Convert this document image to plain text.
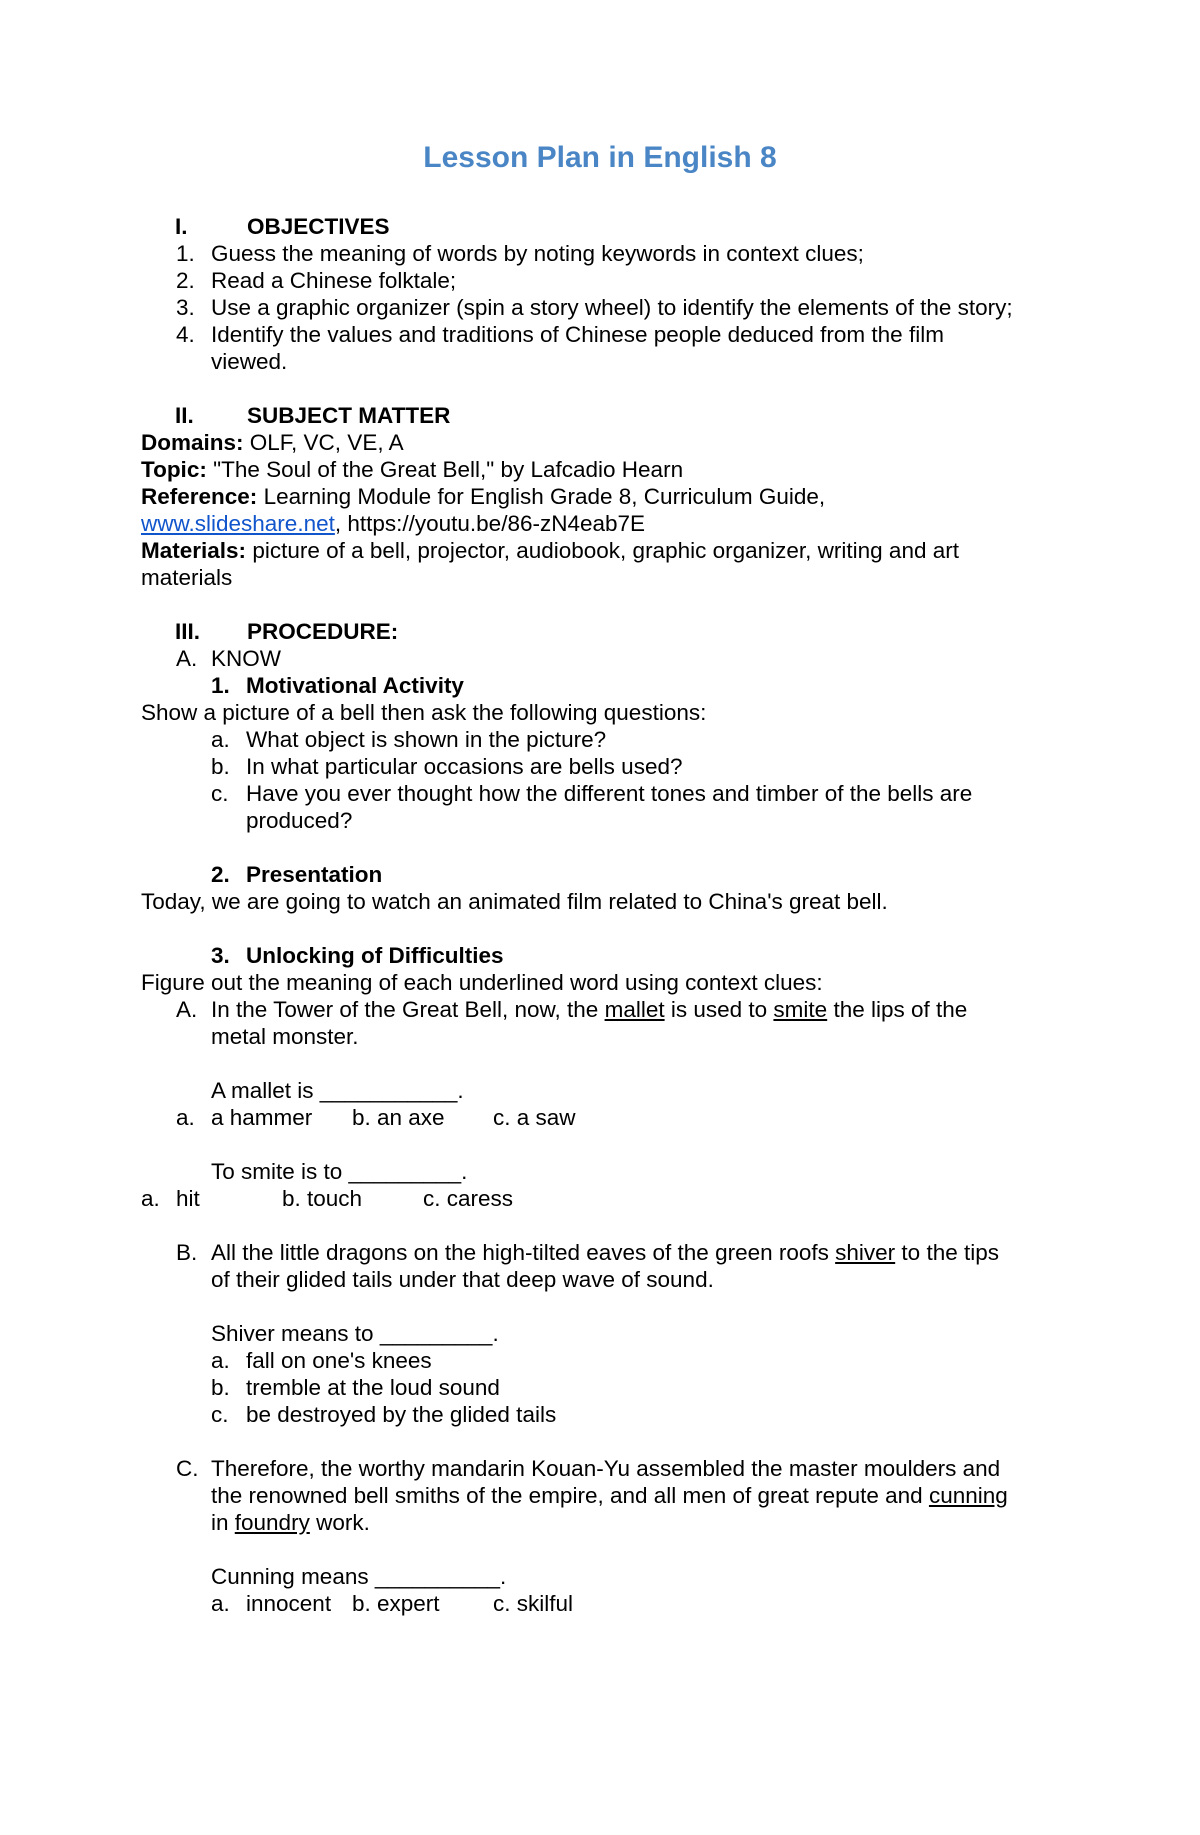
Lesson Plan in English 8
I.	OBJECTIVES
1. Guess the meaning of words by noting keywords in context clues;
2. Read a Chinese folktale;
3. Use a graphic organizer (spin a story wheel) to identify the elements of the story;
4. Identify the values and traditions of Chinese people deduced from the film
viewed.
II. SUBJECT MATTER
Domains: OLF, VC, VE, A
Topic: "The Soul of the Great Bell," by Lafcadio Hearn
Reference: Learning Module for English Grade 8, Curriculum Guide,
www.slideshare.net, https://youtu.be/86-zN4eab7E
Materials: picture of a bell, projector, audiobook, graphic organizer, writing and art
materials
III. PROCEDURE:
A. KNOW
1. Motivational Activity
Show a picture of a bell then ask the following questions:
a. What object is shown in the picture?
b. In what particular occasions are bells used?
c. Have you ever thought how the different tones and timber of the bells are
produced?
2. Presentation
Today, we are going to watch an animated film related to China's great bell.
3. Unlocking of Difficulties
Figure out the meaning of each underlined word using context clues:
A. In the Tower of the Great Bell, now, the mallet is used to smite the lips of the
metal monster.
A mallet is ___________.
a. a hammer b. an axe c. a saw
To smite is to _________.
a. hit	b. touch	c. caress
B. All the little dragons on the high-tilted eaves of the green roofs shiver to the tips
of their glided tails under that deep wave of sound.
Shiver means to _________.
a. fall on one's knees
b. tremble at the loud sound
c. be destroyed by the glided tails
C. Therefore, the worthy mandarin Kouan-Yu assembled the master moulders and
the renowned bell smiths of the empire, and all men of great repute and cunning
in foundry work.
Cunning means __________.
a. innocent b. expert c. skilful
